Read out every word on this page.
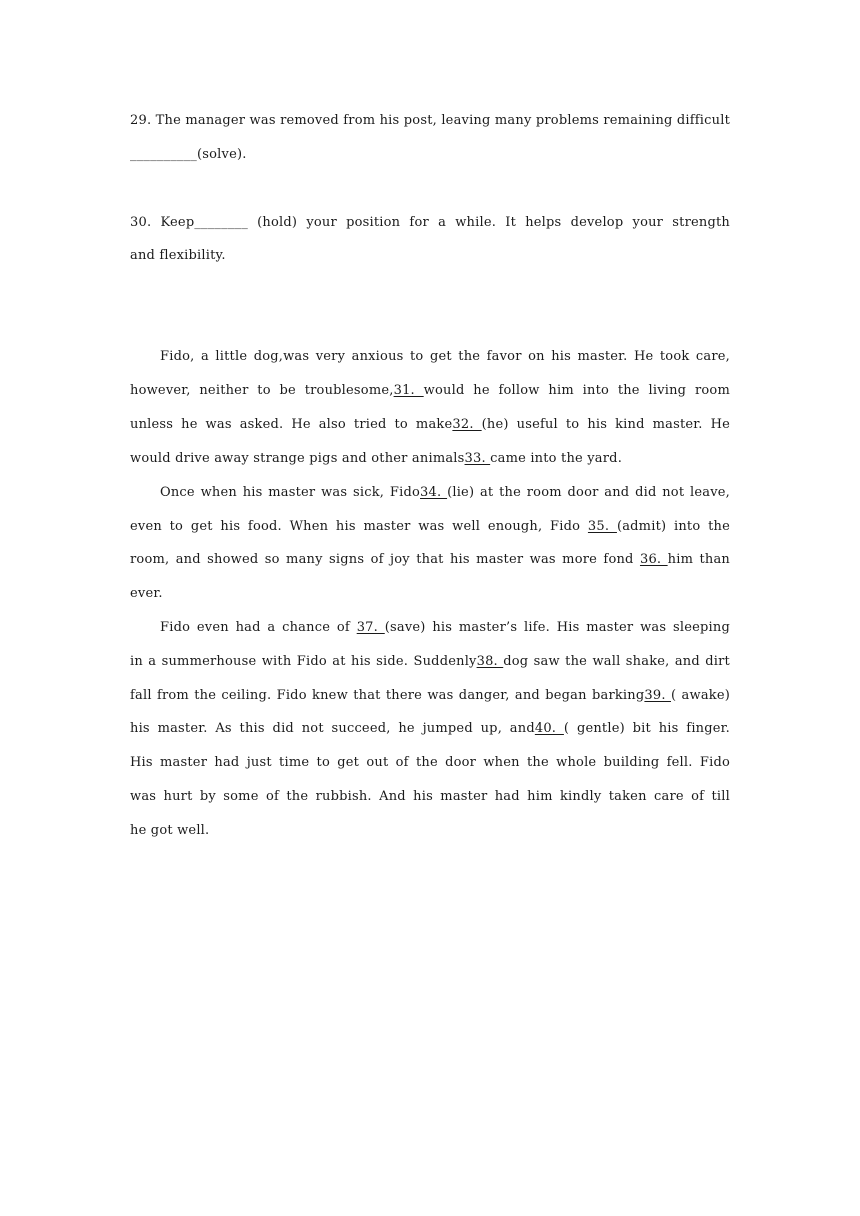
29. The manager was removed from his post, leaving many problems remaining difficult
__________(solve).
30. Keep________ (hold) your position for a while. It helps develop your strength
and flexibility.
Fido, a little dog,was very anxious to get the favor on his master. He took care,
however, neither to be troublesome,31. would he follow him into the living room
unless he was asked. He also tried to make32. (he) useful to his kind master. He
would drive away strange pigs and other animals33. came into the yard.
Once when his master was sick, Fido34. (lie) at the room door and did not leave,
even to get his food. When his master was well enough, Fido 35. (admit) into the
room, and showed so many signs of joy that his master was more fond 36. him than
ever.
Fido even had a chance of 37. (save) his master’s life. His master was sleeping
in a summerhouse with Fido at his side. Suddenly38. dog saw the wall shake, and dirt
fall from the ceiling. Fido knew that there was danger, and began barking39. ( awake)
his master. As this did not succeed, he jumped up, and40. ( gentle) bit his finger.
His master had just time to get out of the door when the whole building fell. Fido
was hurt by some of the rubbish. And his master had him kindly taken care of till
he got well.
